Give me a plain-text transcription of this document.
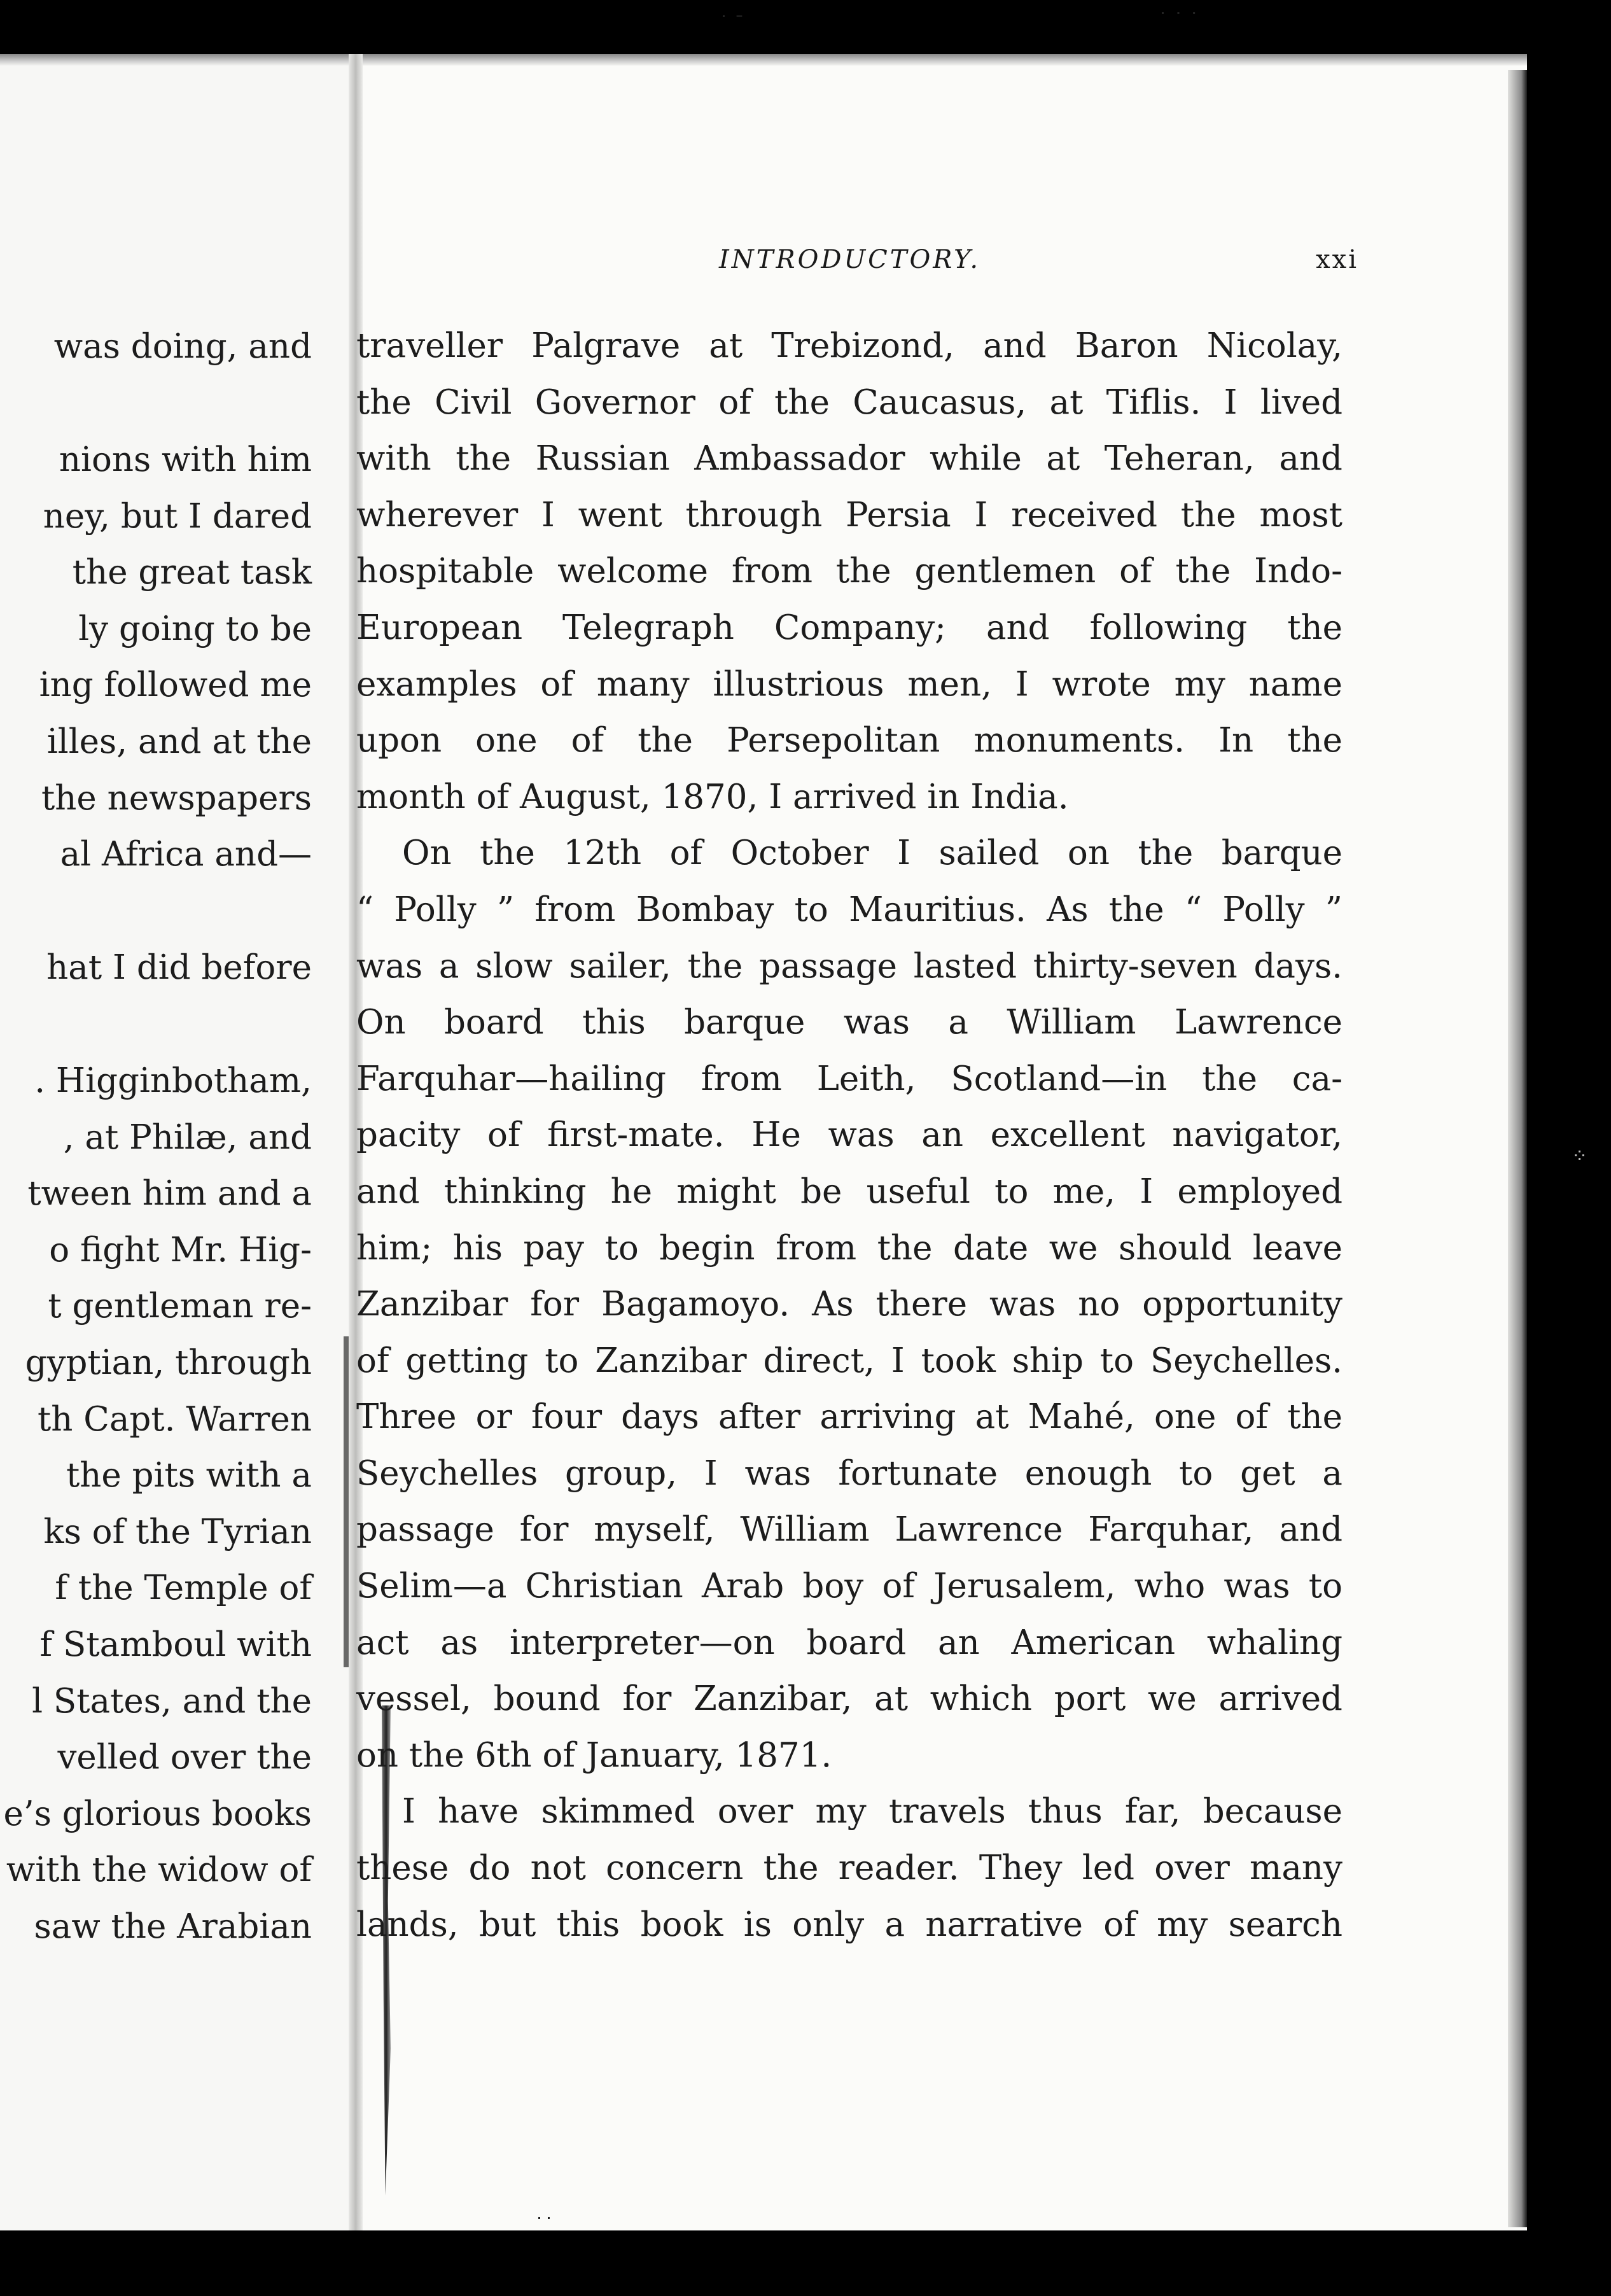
˙ ˉ	˙ ˙ ˙
⁘
˙˙
INTRODUCTORY.	xxi
was doing, and
nions with him
ney, but I dared
the great task
ly going to be
ing followed me
illes, and at the
the newspapers
al Africa and—
hat I did before
. Higginbotham,
, at Philæ, and
tween him and a
o fight Mr. Hig-
t gentleman re-
gyptian, through
th Capt. Warren
the pits with a
ks of the Tyrian
f the Temple of
f Stamboul with
l States, and the
velled over the
e’s glorious books
with the widow of
saw the Arabian
traveller Palgrave at Trebizond, and Baron Nicolay,
the Civil Governor of the Caucasus, at Tiflis. I lived
with the Russian Ambassador while at Teheran, and
wherever I went through Persia I received the most
hospitable welcome from the gentlemen of the Indo-
European Telegraph Company; and following the
examples of many illustrious men, I wrote my name
upon one of the Persepolitan monuments. In the
month of August, 1870, I arrived in India.
On the 12th of October I sailed on the barque
“ Polly ” from Bombay to Mauritius. As the “ Polly ”
was a slow sailer, the passage lasted thirty-seven days.
On board this barque was a William Lawrence
Farquhar—hailing from Leith, Scotland—in the ca-
pacity of first-mate. He was an excellent navigator,
and thinking he might be useful to me, I employed
him; his pay to begin from the date we should leave
Zanzibar for Bagamoyo. As there was no opportunity
of getting to Zanzibar direct, I took ship to Seychelles.
Three or four days after arriving at Mahé, one of the
Seychelles group, I was fortunate enough to get a
passage for myself, William Lawrence Farquhar, and
Selim—a Christian Arab boy of Jerusalem, who was to
act as interpreter—on board an American whaling
vessel, bound for Zanzibar, at which port we arrived
on the 6th of January, 1871.
I have skimmed over my travels thus far, because
these do not concern the reader. They led over many
lands, but this book is only a narrative of my search
